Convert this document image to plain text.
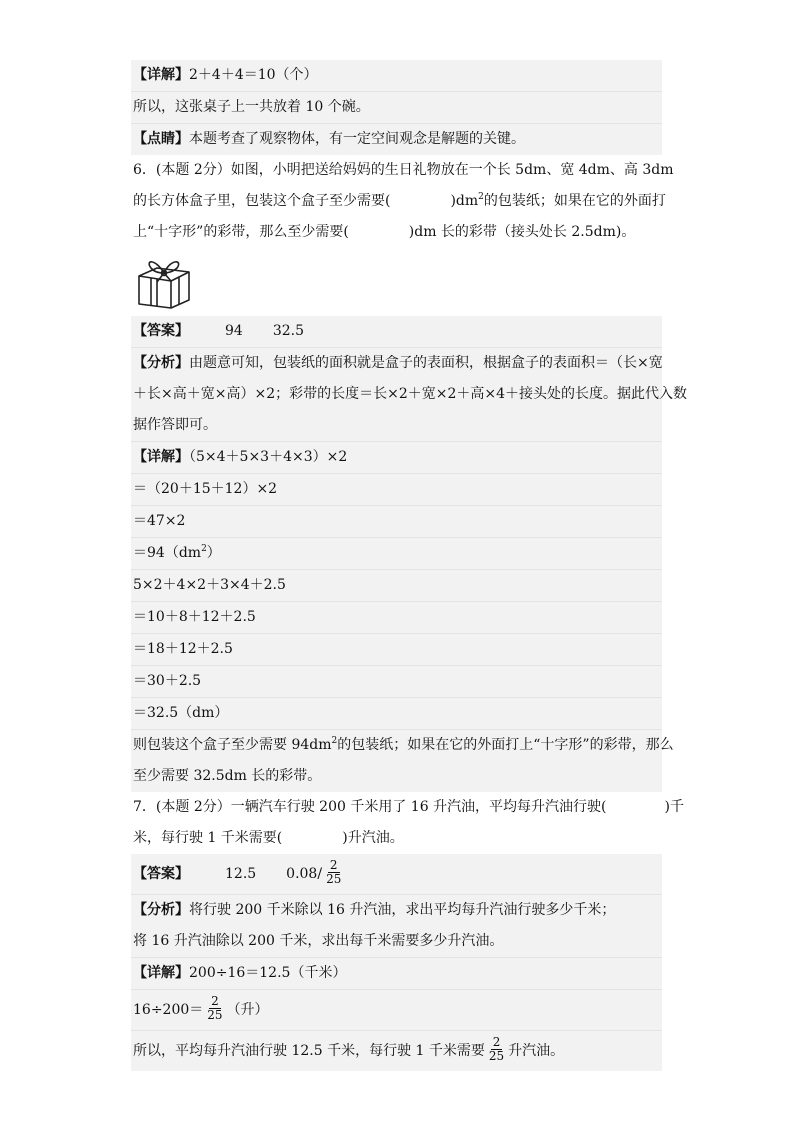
【详解】2＋4＋4＝10（个）
所以，这张桌子上一共放着 10 个碗。
【点睛】本题考查了观察物体，有一定空间观念是解题的关键。
6．(本题 2分）如图，小明把送给妈妈的生日礼物放在一个长 5dm、宽 4dm、高 3dm
的长方体盒子里，包装这个盒子至少需要(	)$dm^2$的包装纸；如果在它的外面打
上“十字形”的彩带，那么至少需要(	)dm 长的彩带（接头处长 2.5dm)。
【答案】	94 32.5
【分析】由题意可知，包装纸的面积就是盒子的表面积，根据盒子的表面积＝（长×宽
＋长×高＋宽×高）×2；彩带的长度＝长×2＋宽×2＋高×4＋接头处的长度。据此代入数
据作答即可。
【详解】（5×4＋5×3＋4×3）×2
＝（20＋15＋12）×2
＝47×2
$=94(dm^2)$
5×2＋4×2＋3×4＋2.5
＝10＋8＋12＋2.5
＝18＋12＋2.5
＝30＋2.5
＝32.5（dm）
则包装这个盒子至少需要 $94dm^2$的包装纸；如果在它的外面打上“十字形”的彩带，那么
至少需要 32.5dm 长的彩带。
7．(本题 2分）一辆汽车行驶 200 千米用了 16 升汽油，平均每升汽油行驶(	)千
米，每行驶 1 千米需要(	)升汽油。
【答案】	12.5 $0.08/ \frac{2}{25}$
【分析】将行驶 200 千米除以 16 升汽油，求出平均每升汽油行驶多少千米；
将 16 升汽油除以 200 千米，求出每千米需要多少升汽油。
【详解】200÷16＝12.5（千米）
$16\div 200= \frac{2}{25}$ （升）
所以，平均每升汽油行驶 12.5 千米，每行驶 1 千米需要 $\frac{2}{25}$ 升汽油。
